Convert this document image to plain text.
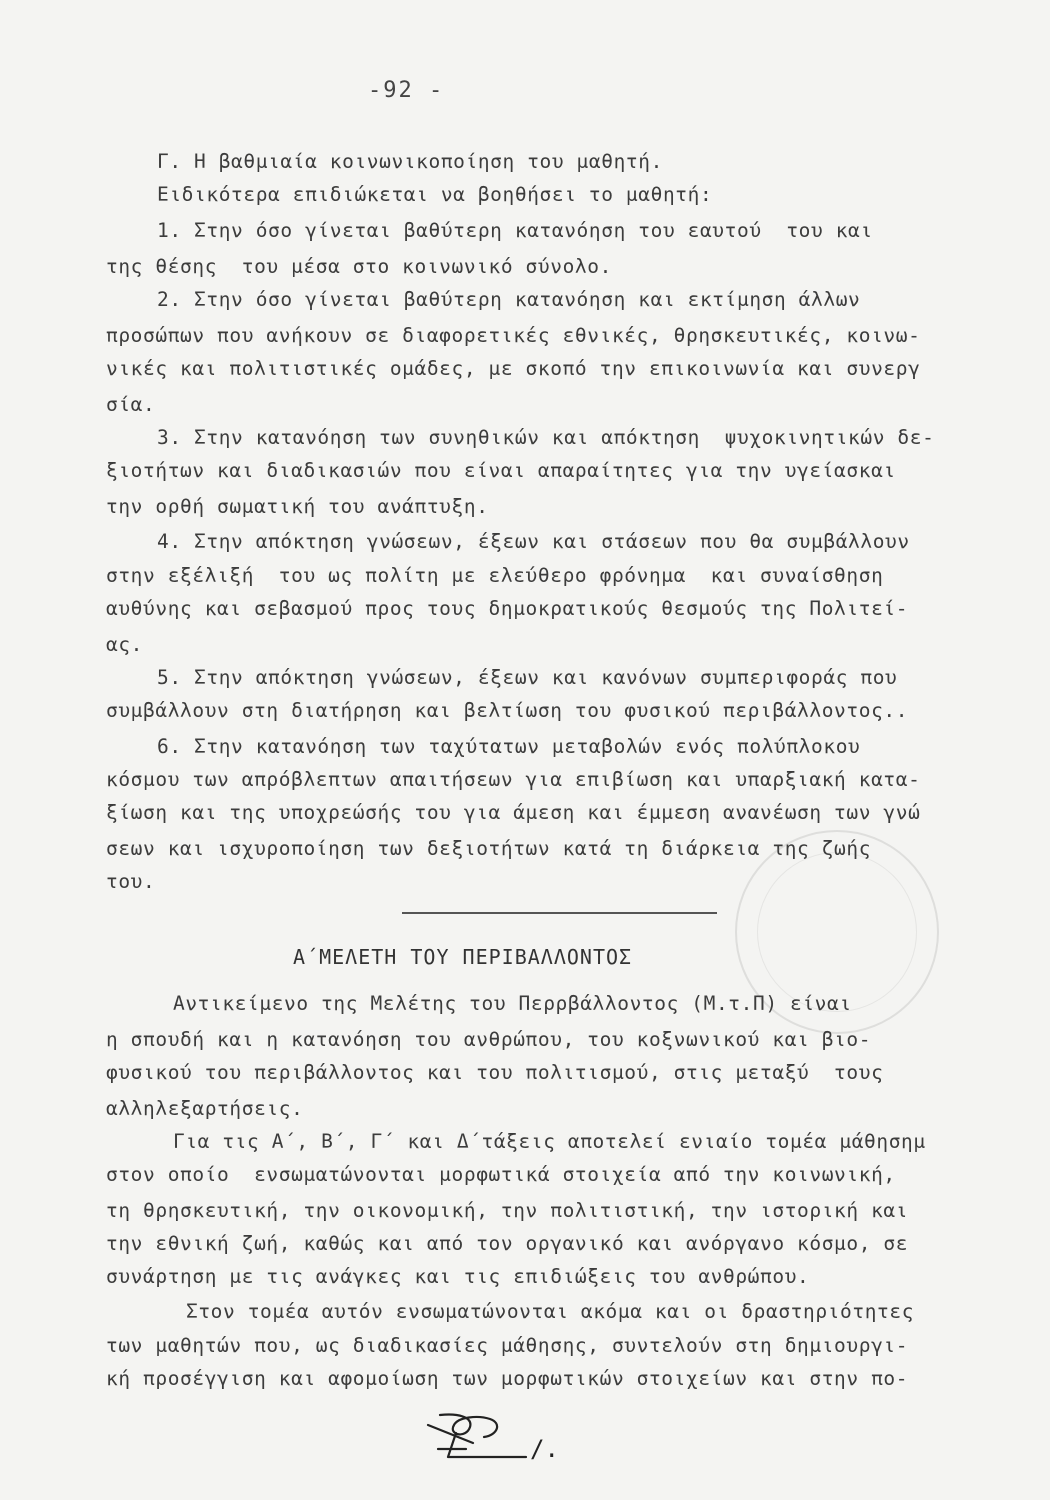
-92 -
Γ. Η βαθμιαία κοινωνικοποίηση του μαθητή.
Ειδικότερα επιδιώκεται να βοηθήσει το μαθητή:
1. Στην όσο γίνεται βαθύτερη κατανόηση του εαυτού  του και
της θέσης  του μέσα στο κοινωνικό σύνολο.
2. Στην όσο γίνεται βαθύτερη κατανόηση και εκτίμηση άλλων
προσώπων που ανήκουν σε διαφορετικές εθνικές, θρησκευτικές, κοινω-
νικές και πολιτιστικές ομάδες, με σκοπό την επικοινωνία και συνεργ
σία.
3. Στην κατανόηση των συνηθικών και απόκτηση  ψυχοκινητικών δε-
ξιοτήτων και διαδικασιών που είναι απαραίτητες για την υγείασκαι
την ορθή σωματική του ανάπτυξη.
4. Στην απόκτηση γνώσεων, έξεων και στάσεων που θα συμβάλλουν
στην εξέλιξή  του ως πολίτη με ελεύθερο φρόνημα  και συναίσθηση
αυθύνης και σεβασμού προς τους δημοκρατικούς θεσμούς της Πολιτεί-
ας.
5. Στην απόκτηση γνώσεων, έξεων και κανόνων συμπεριφοράς που
συμβάλλουν στη διατήρηση και βελτίωση του φυσικού περιβάλλοντος..
6. Στην κατανόηση των ταχύτατων μεταβολών ενός πολύπλοκου
κόσμου των απρόβλεπτων απαιτήσεων για επιβίωση και υπαρξιακή κατα-
ξίωση και της υποχρεώσής του για άμεση και έμμεση ανανέωση των γνώ
σεων και ισχυροποίηση των δεξιοτήτων κατά τη διάρκεια της ζωής
του.
Α΄ΜΕΛΕΤΗ ΤΟΥ ΠΕΡΙΒΑΛΛΟΝΤΟΣ
Αντικείμενο της Μελέτης του Περρβάλλοντος (Μ.τ.Π) είναι
η σπουδή και η κατανόηση του ανθρώπου, του κοξνωνικού και βιο-
φυσικού του περιβάλλοντος και του πολιτισμού, στις μεταξύ  τους
αλληλεξαρτήσεις.
Για τις Α΄, Β΄, Γ΄ και Δ΄τάξεις αποτελεί ενιαίο τομέα μάθησημ
στον οποίο  ενσωματώνονται μορφωτικά στοιχεία από την κοινωνική,
τη θρησκευτική, την οικονομική, την πολιτιστική, την ιστορική και
την εθνική ζωή, καθώς και από τον οργανικό και ανόργανο κόσμο, σε
συνάρτηση με τις ανάγκες και τις επιδιώξεις του ανθρώπου.
Στον τομέα αυτόν ενσωματώνονται ακόμα και οι δραστηριότητες
των μαθητών που, ως διαδικασίες μάθησης, συντελούν στη δημιουργι-
κή προσέγγιση και αφομοίωση των μορφωτικών στοιχείων και στην πο-
/.
